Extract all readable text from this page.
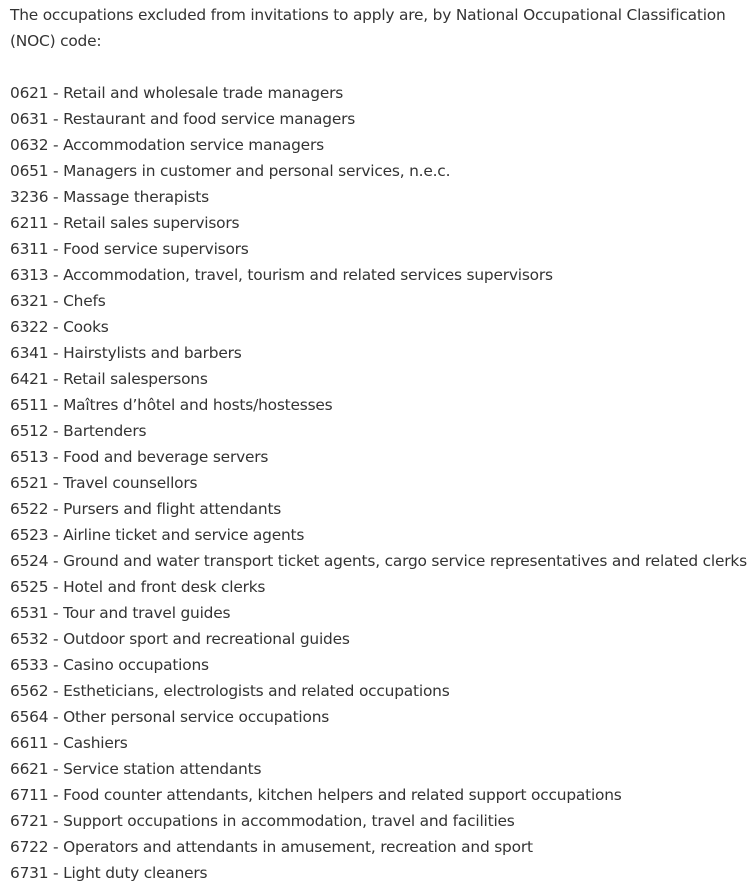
The occupations excluded from invitations to apply are, by National Occupational Classification (NOC) code:

0621 - Retail and wholesale trade managers
0631 - Restaurant and food service managers
0632 - Accommodation service managers
0651 - Managers in customer and personal services, n.e.c.
3236 - Massage therapists
6211 - Retail sales supervisors
6311 - Food service supervisors
6313 - Accommodation, travel, tourism and related services supervisors
6321 - Chefs
6322 - Cooks
6341 - Hairstylists and barbers
6421 - Retail salespersons
6511 - Maîtres d’hôtel and hosts/hostesses
6512 - Bartenders
6513 - Food and beverage servers
6521 - Travel counsellors
6522 - Pursers and flight attendants
6523 - Airline ticket and service agents
6524 - Ground and water transport ticket agents, cargo service representatives and related clerks
6525 - Hotel and front desk clerks
6531 - Tour and travel guides
6532 - Outdoor sport and recreational guides
6533 - Casino occupations
6562 - Estheticians, electrologists and related occupations
6564 - Other personal service occupations
6611 - Cashiers
6621 - Service station attendants
6711 - Food counter attendants, kitchen helpers and related support occupations
6721 - Support occupations in accommodation, travel and facilities
6722 - Operators and attendants in amusement, recreation and sport
6731 - Light duty cleaners
